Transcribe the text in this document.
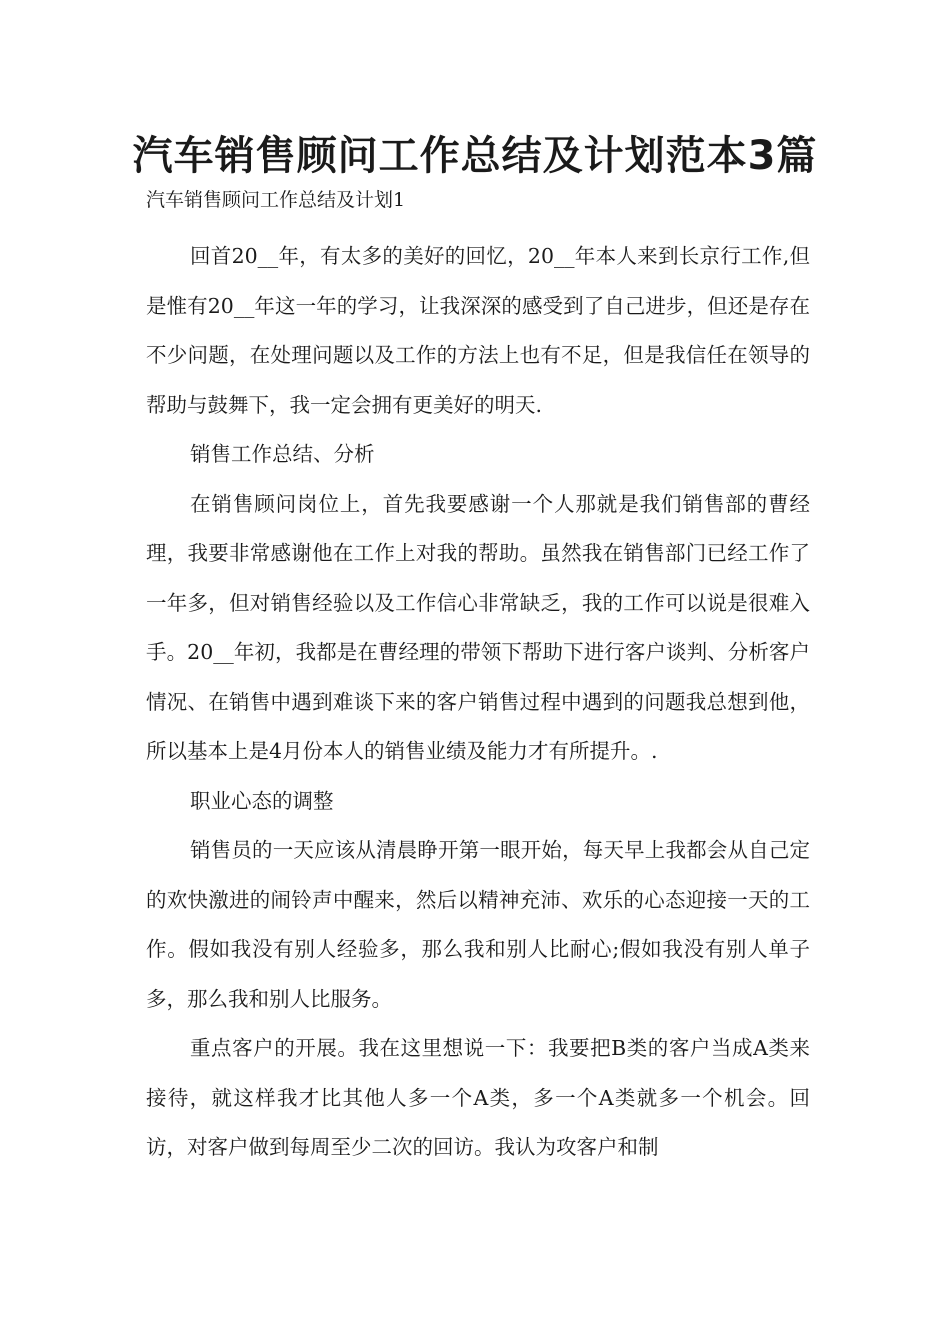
汽车销售顾问工作总结及计划范本3篇

汽车销售顾问工作总结及计划1

回首20__年，有太多的美好的回忆，20__年本人来到长京行工作,但是惟有20__年这一年的学习，让我深深的感受到了自己进步，但还是存在不少问题，在处理问题以及工作的方法上也有不足，但是我信任在领导的帮助与鼓舞下，我一定会拥有更美好的明天.

销售工作总结、分析

在销售顾问岗位上，首先我要感谢一个人那就是我们销售部的曹经理，我要非常感谢他在工作上对我的帮助。虽然我在销售部门已经工作了一年多，但对销售经验以及工作信心非常缺乏，我的工作可以说是很难入手。20__年初，我都是在曹经理的带领下帮助下进行客户谈判、分析客户情况、在销售中遇到难谈下来的客户销售过程中遇到的问题我总想到他，所以基本上是4月份本人的销售业绩及能力才有所提升。.

职业心态的调整

销售员的一天应该从清晨睁开第一眼开始，每天早上我都会从自己定的欢快激进的闹铃声中醒来，然后以精神充沛、欢乐的心态迎接一天的工作。假如我没有别人经验多，那么我和别人比耐心;假如我没有别人单子多，那么我和别人比服务。

重点客户的开展。我在这里想说一下：我要把B类的客户当成A类来接待，就这样我才比其他人多一个A类，多一个A类就多一个机会。回访，对客户做到每周至少二次的回访。我认为攻客户和制
